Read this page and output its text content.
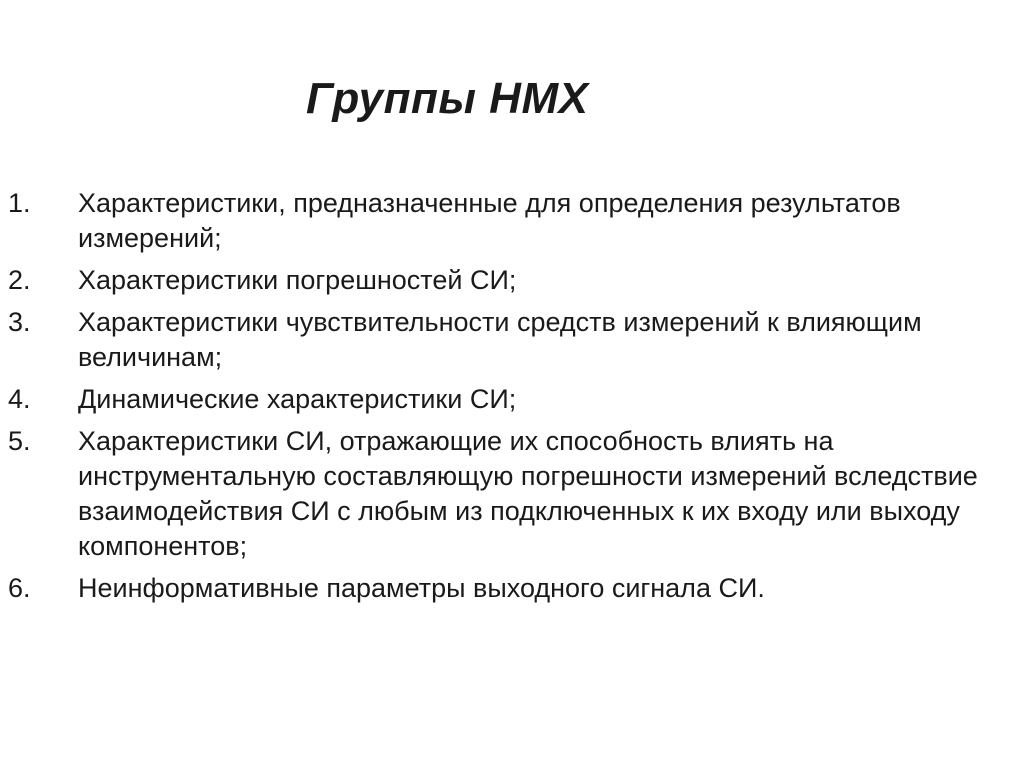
Группы НМХ
1. Характеристики, предназначенные для определения результатов измерений;
2. Характеристики погрешностей СИ;
3. Характеристики чувствительности средств измерений к влияющим величинам;
4. Динамические характеристики СИ;
5. Характеристики СИ, отражающие их способность влиять на инструментальную составляющую погрешности измерений вследствие взаимодействия СИ с любым из подключенных к их входу или выходу компонентов;
6. Неинформативные параметры выходного сигнала СИ.
